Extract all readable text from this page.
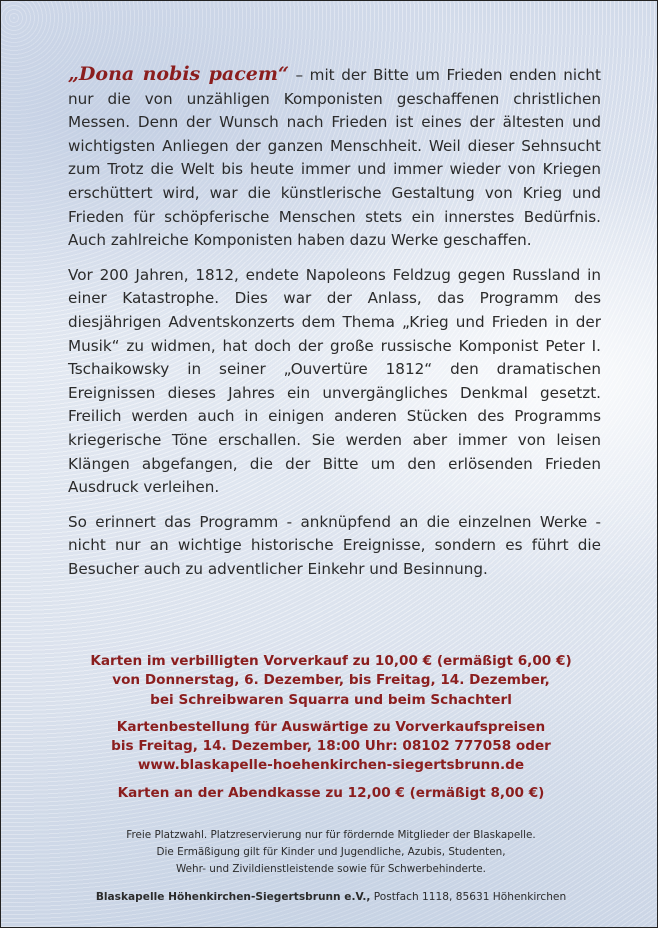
„Dona nobis pacem“ – mit der Bitte um Frieden enden nicht nur die von unzähligen Komponisten geschaffenen christlichen Messen. Denn der Wunsch nach Frieden ist eines der ältesten und wichtigsten Anliegen der ganzen Menschheit. Weil dieser Sehnsucht zum Trotz die Welt bis heute immer und immer wieder von Kriegen erschüttert wird, war die künstlerische Gestaltung von Krieg und Frieden für schöpferische Menschen stets ein innerstes Bedürfnis. Auch zahlreiche Komponisten haben dazu Werke geschaffen.

Vor 200 Jahren, 1812, endete Napoleons Feldzug gegen Russland in einer Katastrophe. Dies war der Anlass, das Programm des diesjährigen Adventskonzerts dem Thema „Krieg und Frieden in der Musik“ zu widmen, hat doch der große russische Komponist Peter I. Tschaikowsky in seiner „Ouvertüre 1812“ den dramatischen Ereignissen dieses Jahres ein unvergängliches Denkmal gesetzt. Freilich werden auch in einigen anderen Stücken des Programms kriegerische Töne erschallen. Sie werden aber immer von leisen Klängen abgefangen, die der Bitte um den erlösenden Frieden Ausdruck verleihen.

So erinnert das Programm - anknüpfend an die einzelnen Werke - nicht nur an wichtige historische Ereignisse, sondern es führt die Besucher auch zu adventlicher Einkehr und Besinnung.

Karten im verbilligten Vorverkauf zu 10,00 € (ermäßigt 6,00 €)
von Donnerstag, 6. Dezember, bis Freitag, 14. Dezember,
bei Schreibwaren Squarra und beim Schachterl
Kartenbestellung für Auswärtige zu Vorverkaufspreisen
bis Freitag, 14. Dezember, 18:00 Uhr: 08102 777058 oder
www.blaskapelle-hoehenkirchen-siegertsbrunn.de
Karten an der Abendkasse zu 12,00 € (ermäßigt 8,00 €)
Freie Platzwahl. Platzreservierung nur für fördernde Mitglieder der Blaskapelle.
Die Ermäßigung gilt für Kinder und Jugendliche, Azubis, Studenten,
Wehr- und Zivildienstleistende sowie für Schwerbehinderte.
Blaskapelle Höhenkirchen-Siegertsbrunn e.V., Postfach 1118, 85631 Höhenkirchen
